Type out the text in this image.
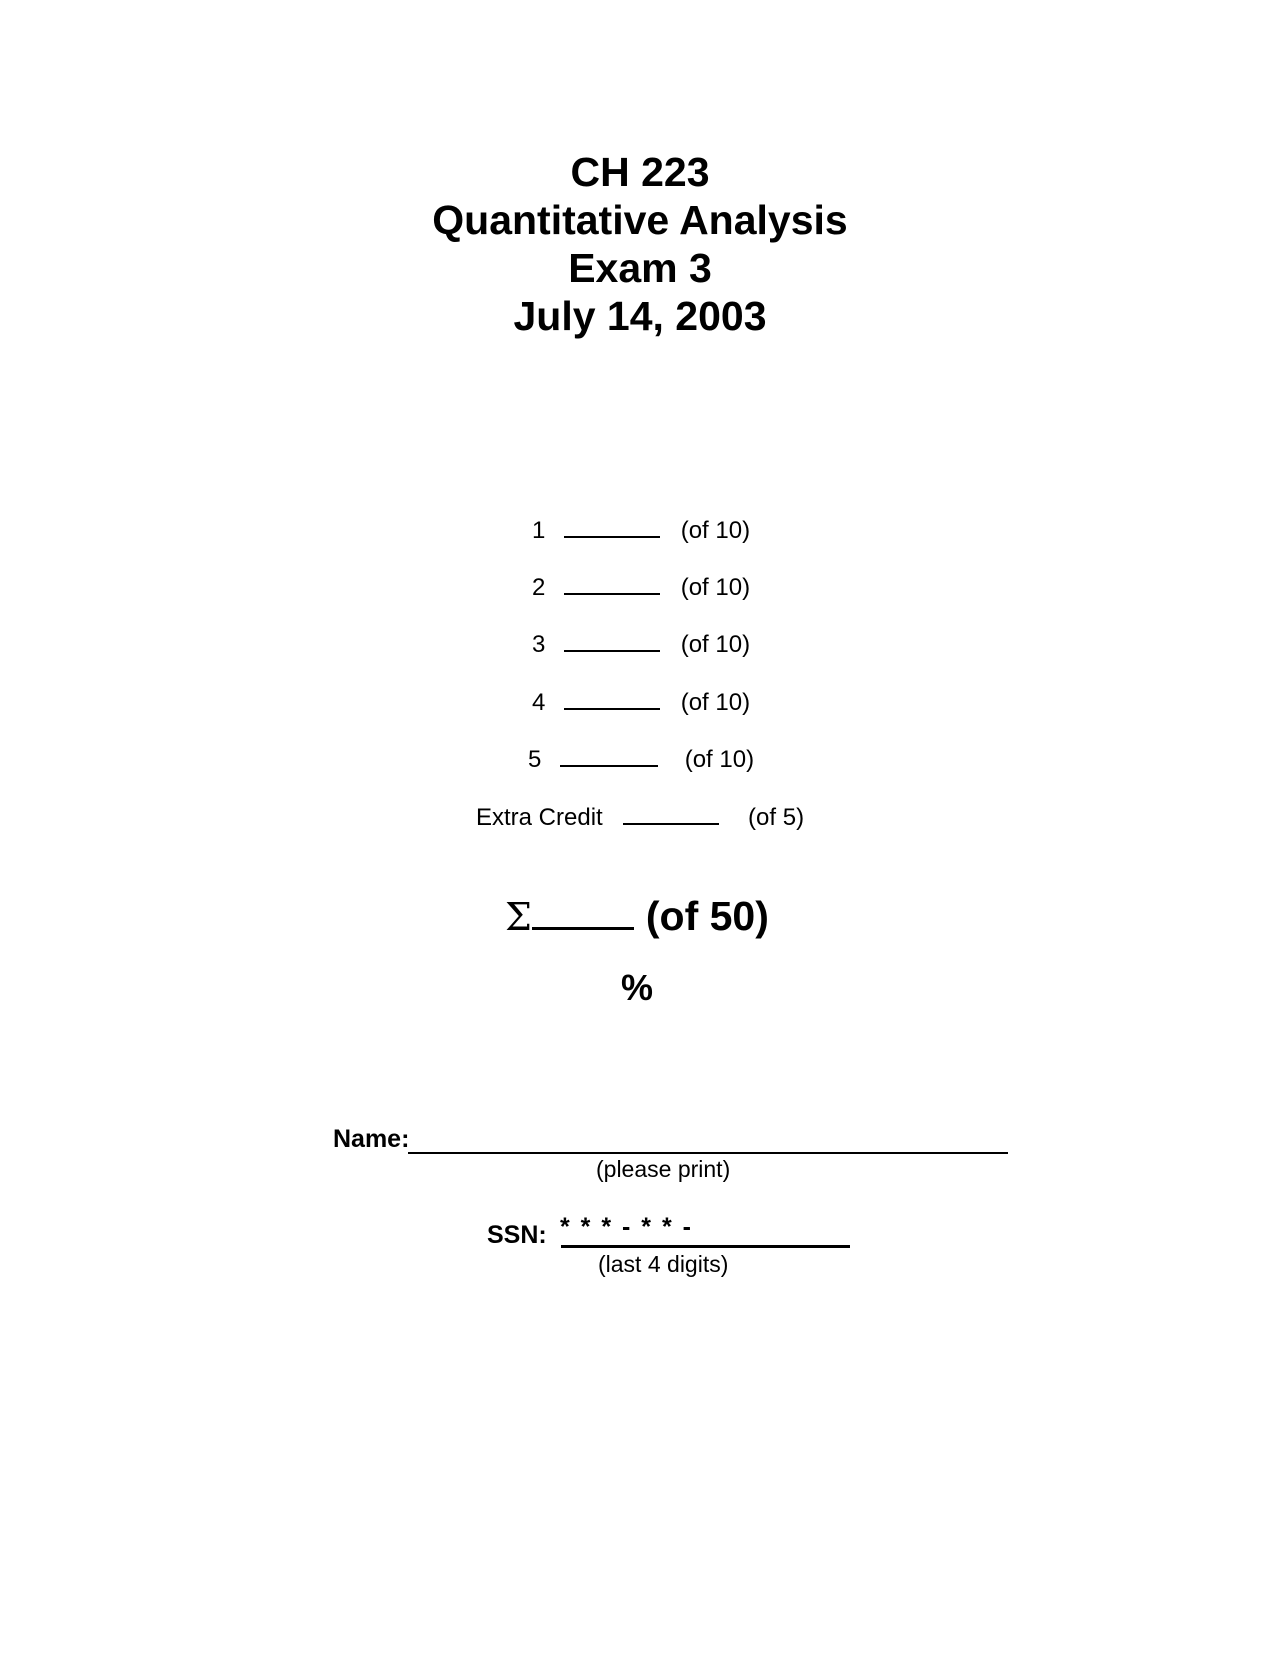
CH 223
Quantitative Analysis
Exam 3
July 14, 2003
1	(of 10)
2	(of 10)
3	(of 10)
4	(of 10)
5	(of 10)
Extra Credit	(of 5)
Σ	(of 50)
%
Name:
(please print)
SSN: * * * - * * -
(last 4 digits)
